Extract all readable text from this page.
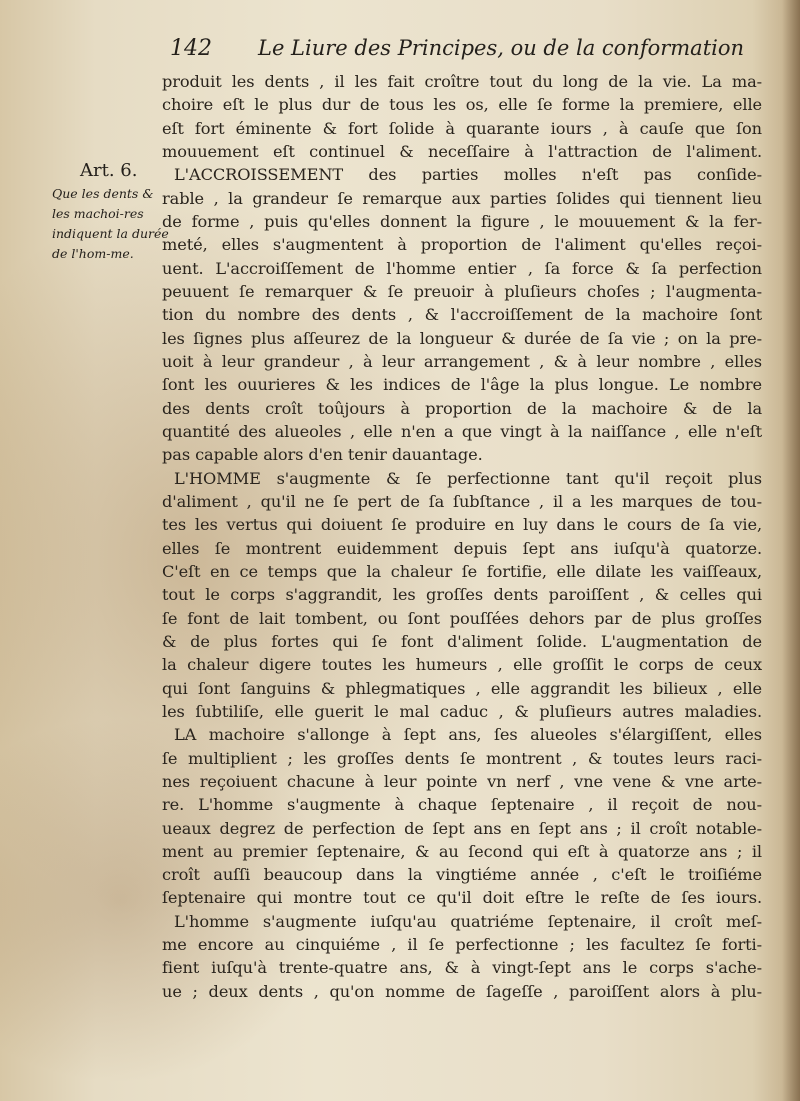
142 Le Liure des Principes, ou de la conformation
Art. 6.
Que les dents & les machoi-res indiquent la durée de l'hom-me.
produit les dents , il les fait croître tout du long de la vie. La ma-
choire eſt le plus dur de tous les os, elle ſe forme la premiere, elle
eſt fort éminente & fort ſolide à quarante iours , à cauſe que ſon
mouuement eſt continuel & neceſſaire à l'attraction de l'aliment.
L'ACCROISSEMENT des parties molles n'eſt pas conſide-
rable , la grandeur ſe remarque aux parties ſolides qui tiennent lieu
de forme , puis qu'elles donnent la figure , le mouuement & la fer-
meté, elles s'augmentent à proportion de l'aliment qu'elles reçoi-
uent. L'accroiſſement de l'homme entier , ſa force & ſa perfection
peuuent ſe remarquer & ſe preuoir à pluſieurs choſes ; l'augmenta-
tion du nombre des dents , & l'accroiſſement de la machoire ſont
les ſignes plus aſſeurez de la longueur & durée de ſa vie ; on la pre-
uoit à leur grandeur , à leur arrangement , & à leur nombre , elles
ſont les ouurieres & les indices de l'âge la plus longue. Le nombre
des dents croît toûjours à proportion de la machoire & de la
quantité des alueoles , elle n'en a que vingt à la naiſſance , elle n'eſt
pas capable alors d'en tenir dauantage.
L'HOMME s'augmente & ſe perfectionne tant qu'il reçoit plus
d'aliment , qu'il ne ſe pert de ſa ſubſtance , il a les marques de tou-
tes les vertus qui doiuent ſe produire en luy dans le cours de ſa vie,
elles ſe montrent euidemment depuis ſept ans iuſqu'à quatorze.
C'eſt en ce temps que la chaleur ſe fortifie, elle dilate les vaiſſeaux,
tout le corps s'aggrandit, les groſſes dents paroiſſent , & celles qui
ſe font de lait tombent, ou ſont pouſſées dehors par de plus groſſes
& de plus fortes qui ſe font d'aliment ſolide. L'augmentation de
la chaleur digere toutes les humeurs , elle groſſit le corps de ceux
qui ſont ſanguins & phlegmatiques , elle aggrandit les bilieux , elle
les ſubtiliſe, elle guerit le mal caduc , & pluſieurs autres maladies.
LA machoire s'allonge à ſept ans, ſes alueoles s'élargiſſent, elles
ſe multiplient ; les groſſes dents ſe montrent , & toutes leurs raci-
nes reçoiuent chacune à leur pointe vn nerf , vne vene & vne arte-
re. L'homme s'augmente à chaque ſeptenaire , il reçoit de nou-
ueaux degrez de perfection de ſept ans en ſept ans ; il croît notable-
ment au premier ſeptenaire, & au ſecond qui eſt à quatorze ans ; il
croît auſſi beaucoup dans la vingtiéme année , c'eſt le troiſiéme
ſeptenaire qui montre tout ce qu'il doit eſtre le reſte de ſes iours.
L'homme s'augmente iuſqu'au quatriéme ſeptenaire, il croît meſ-
me encore au cinquiéme , il ſe perfectionne ; les facultez ſe forti-
fient iuſqu'à trente-quatre ans, & à vingt-ſept ans le corps s'ache-
ue ; deux dents , qu'on nomme de ſageſſe , paroiſſent alors à plu-
